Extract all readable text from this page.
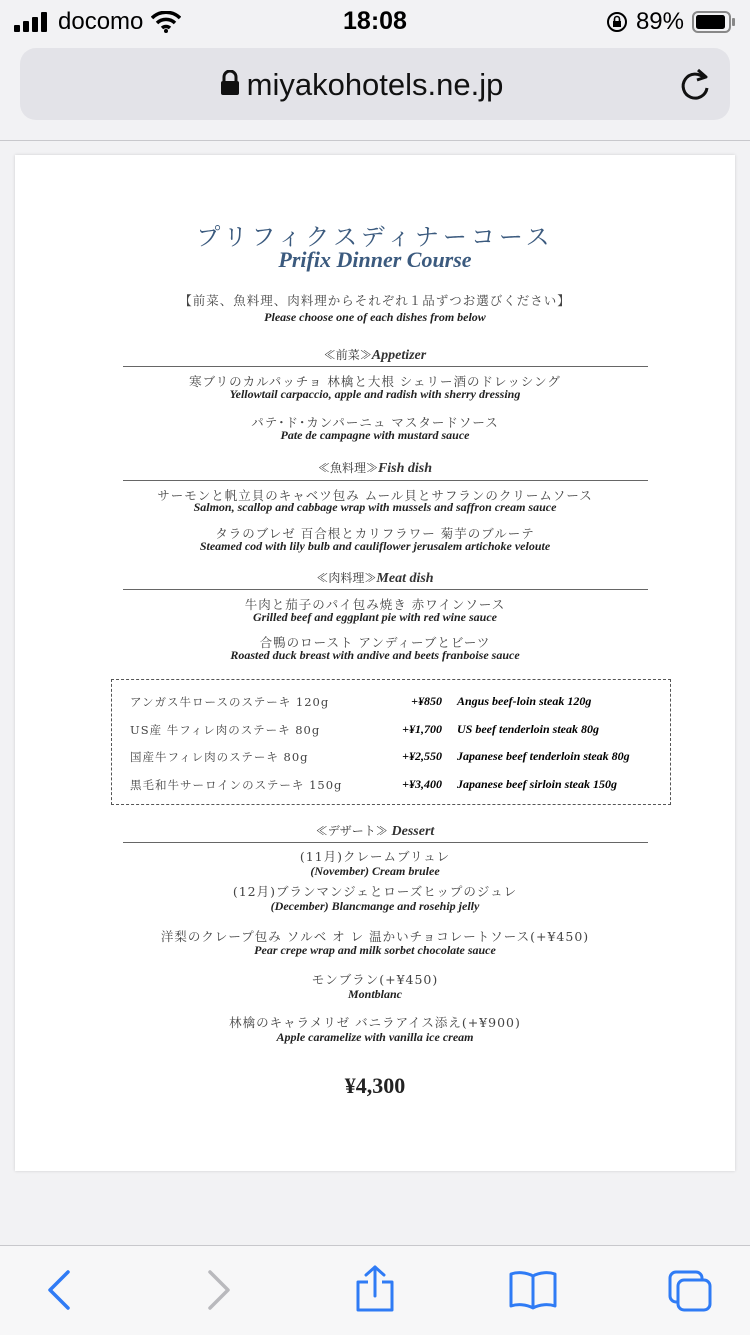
docomo	18:08	89%
miyakohotels.ne.jp
プリフィクスディナーコース
Prifix Dinner Course
【前菜、魚料理、肉料理からそれぞれ１品ずつお選びください】
Please choose one of each dishes from below
≪前菜≫Appetizer
寒ブリのカルパッチョ 林檎と大根 シェリー酒のドレッシング
Yellowtail carpaccio, apple and radish with sherry dressing
パテ･ド･カンパーニュ マスタードソース
Pate de campagne with mustard sauce
≪魚料理≫Fish dish
サーモンと帆立貝のキャベツ包み ムール貝とサフランのクリームソース
Salmon, scallop and cabbage wrap with mussels and saffron cream sauce
タラのブレゼ 百合根とカリフラワー 菊芋のブルーテ
Steamed cod with lily bulb and cauliflower jerusalem artichoke veloute
≪肉料理≫Meat dish
牛肉と茄子のパイ包み焼き 赤ワインソース
Grilled beef and eggplant pie with red wine sauce
合鴨のロースト アンディーブとビーツ
Roasted duck breast with andive and beets franboise sauce
アンガス牛ロースのステーキ 120g	+¥850 Angus beef-loin steak 120g
US産 牛フィレ肉のステーキ 80g	+¥1,700 US beef tenderloin steak 80g
国産牛フィレ肉のステーキ 80g	+¥2,550 Japanese beef tenderloin steak 80g
黒毛和牛サーロインのステーキ 150g	+¥3,400 Japanese beef sirloin steak 150g
≪デザート≫ Dessert
(11月)クレームブリュレ
(November) Cream brulee
(12月)ブランマンジェとローズヒップのジュレ
(December) Blancmange and rosehip jelly
洋梨のクレープ包み ソルベ オ レ 温かいチョコレートソース(+¥450)
Pear crepe wrap and milk sorbet chocolate sauce
モンブラン(+¥450)
Montblanc
林檎のキャラメリゼ バニラアイス添え(+¥900)
Apple caramelize with vanilla ice cream
¥4,300
